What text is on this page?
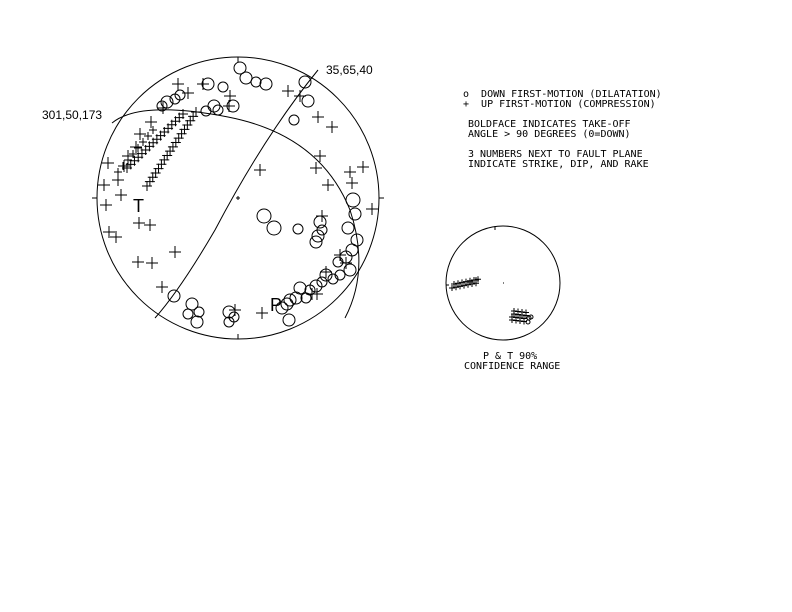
T
P
301,50,173
35,65,40
o  DOWN FIRST-MOTION (DILATATION)
+  UP FIRST-MOTION (COMPRESSION)
BOLDFACE INDICATES TAKE-OFF
ANGLE > 90 DEGREES (0=DOWN)
3 NUMBERS NEXT TO FAULT PLANE
INDICATE STRIKE, DIP, AND RAKE
P & T 90%
CONFIDENCE RANGE
